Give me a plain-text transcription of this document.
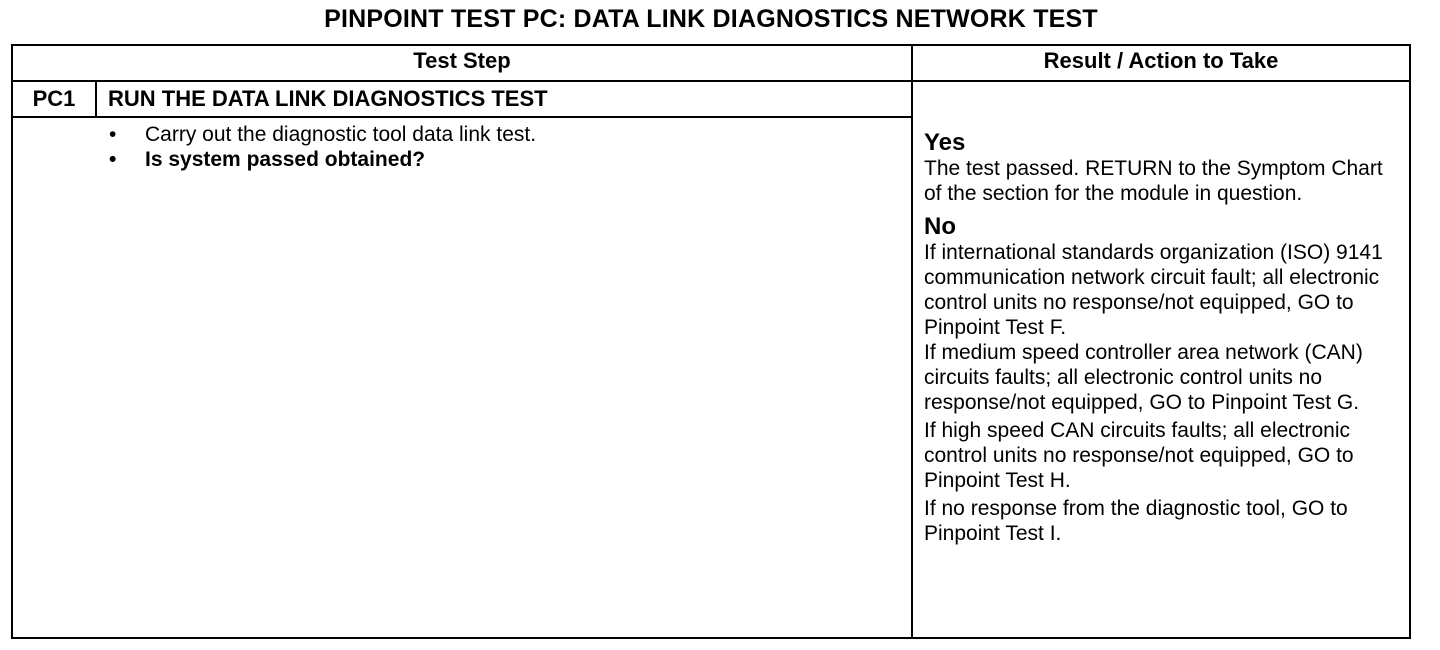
PINPOINT TEST PC: DATA LINK DIAGNOSTICS NETWORK TEST
Test Step	Result / Action to Take
PC1	RUN THE DATA LINK DIAGNOSTICS TEST
• Carry out the diagnostic tool data link test.
• Is system passed obtained?
Yes

The test passed. RETURN to the Symptom Chart of the section for the module in question.

No

If international standards organization (ISO) 9141 communication network circuit fault; all electronic control units no response/not equipped, GO to Pinpoint Test F.

If medium speed controller area network (CAN) circuits faults; all electronic control units no response/not equipped, GO to Pinpoint Test G.

If high speed CAN circuits faults; all electronic control units no response/not equipped, GO to Pinpoint Test H.

If no response from the diagnostic tool, GO to Pinpoint Test I.
